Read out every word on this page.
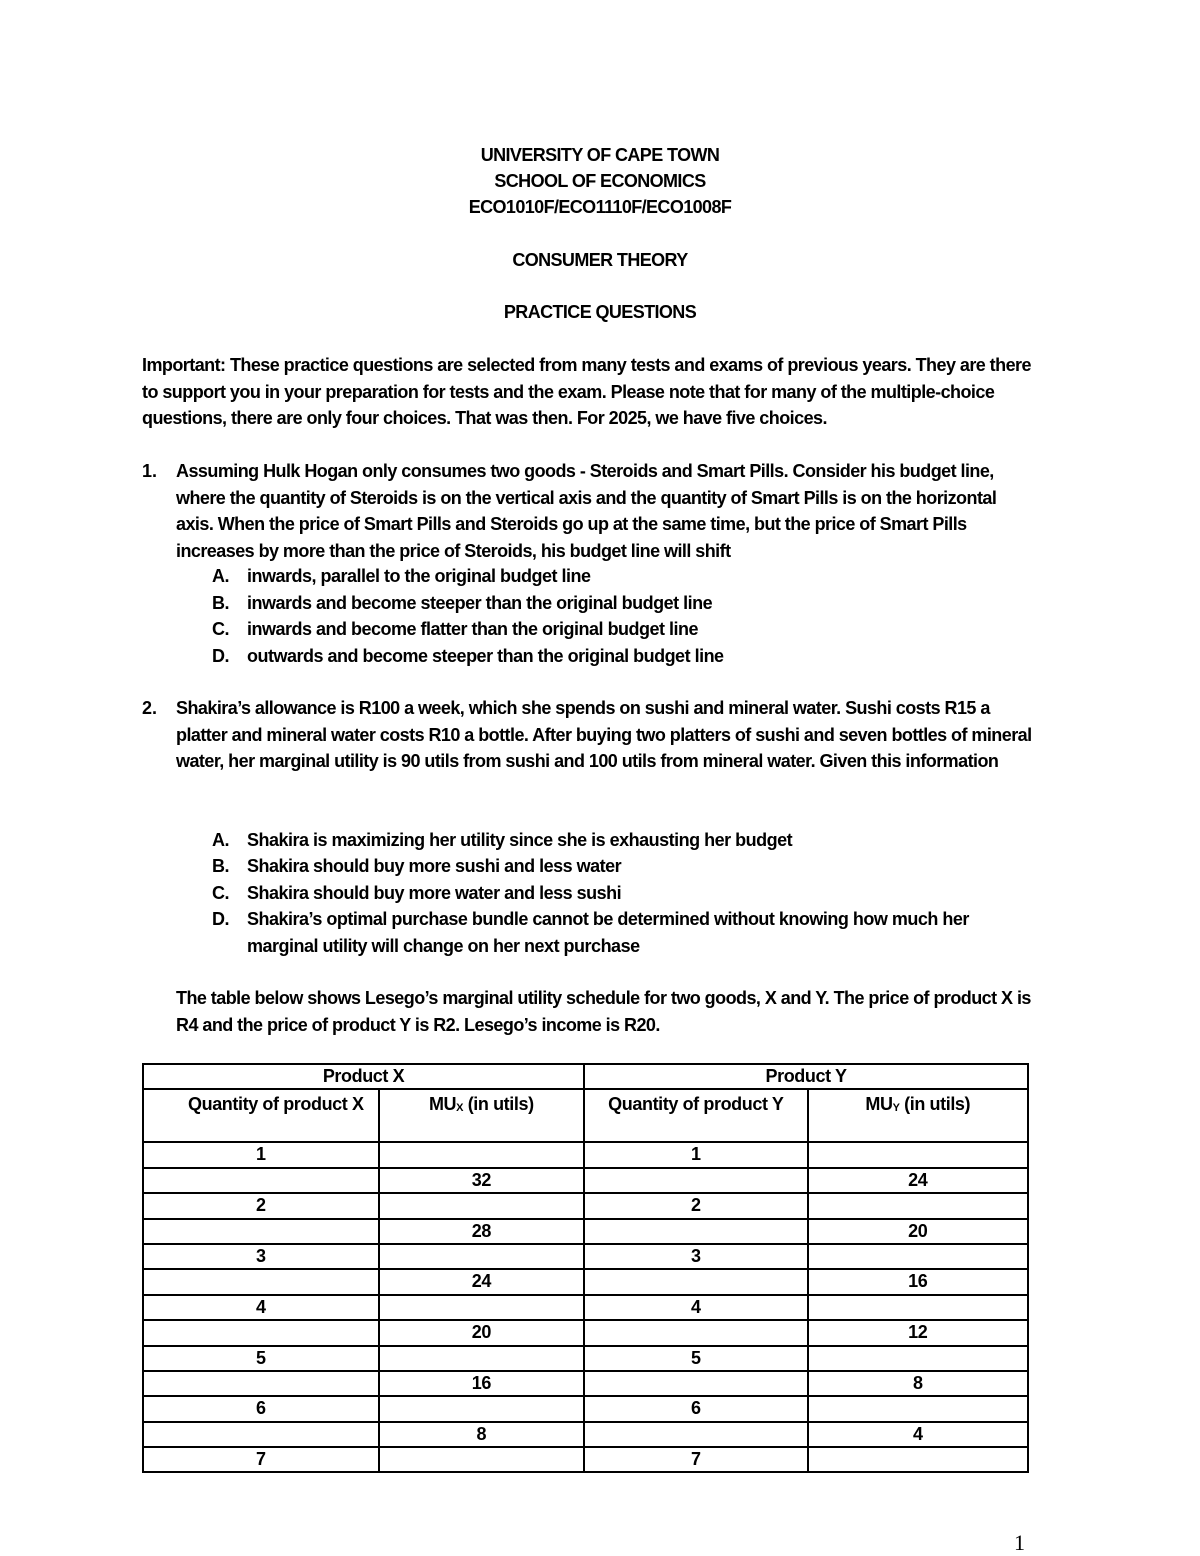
UNIVERSITY OF CAPE TOWN
SCHOOL OF ECONOMICS
ECO1010F/ECO1110F/ECO1008F
CONSUMER THEORY
PRACTICE QUESTIONS
Important: These practice questions are selected from many tests and exams of previous years. They are there to support you in your preparation for tests and the exam. Please note that for many of the multiple-choice questions, there are only four choices. That was then. For 2025, we have five choices.
1. Assuming Hulk Hogan only consumes two goods - Steroids and Smart Pills. Consider his budget line, where the quantity of Steroids is on the vertical axis and the quantity of Smart Pills is on the horizontal axis. When the price of Smart Pills and Steroids go up at the same time, but the price of Smart Pills increases by more than the price of Steroids, his budget line will shift
A. inwards, parallel to the original budget line
B. inwards and become steeper than the original budget line
C. inwards and become flatter than the original budget line
D. outwards and become steeper than the original budget line
2. Shakira’s allowance is R100 a week, which she spends on sushi and mineral water. Sushi costs R15 a platter and mineral water costs R10 a bottle. After buying two platters of sushi and seven bottles of mineral water, her marginal utility is 90 utils from sushi and 100 utils from mineral water. Given this information
A. Shakira is maximizing her utility since she is exhausting her budget
B. Shakira should buy more sushi and less water
C. Shakira should buy more water and less sushi
D. Shakira’s optimal purchase bundle cannot be determined without knowing how much her marginal utility will change on her next purchase
The table below shows Lesego’s marginal utility schedule for two goods, X and Y. The price of product X is R4 and the price of product Y is R2. Lesego’s income is R20.
Product X		Product Y	
Quantity of product X	$MU_X$ (in utils)	Quantity of product Y	$MU_Y$ (in utils)
1		1	
	32		24
2		2	
	28		20
3		3	
	24		16
4		4	
	20		12
5		5	
	16		8
6		6	
	8		4
7		7	
1
